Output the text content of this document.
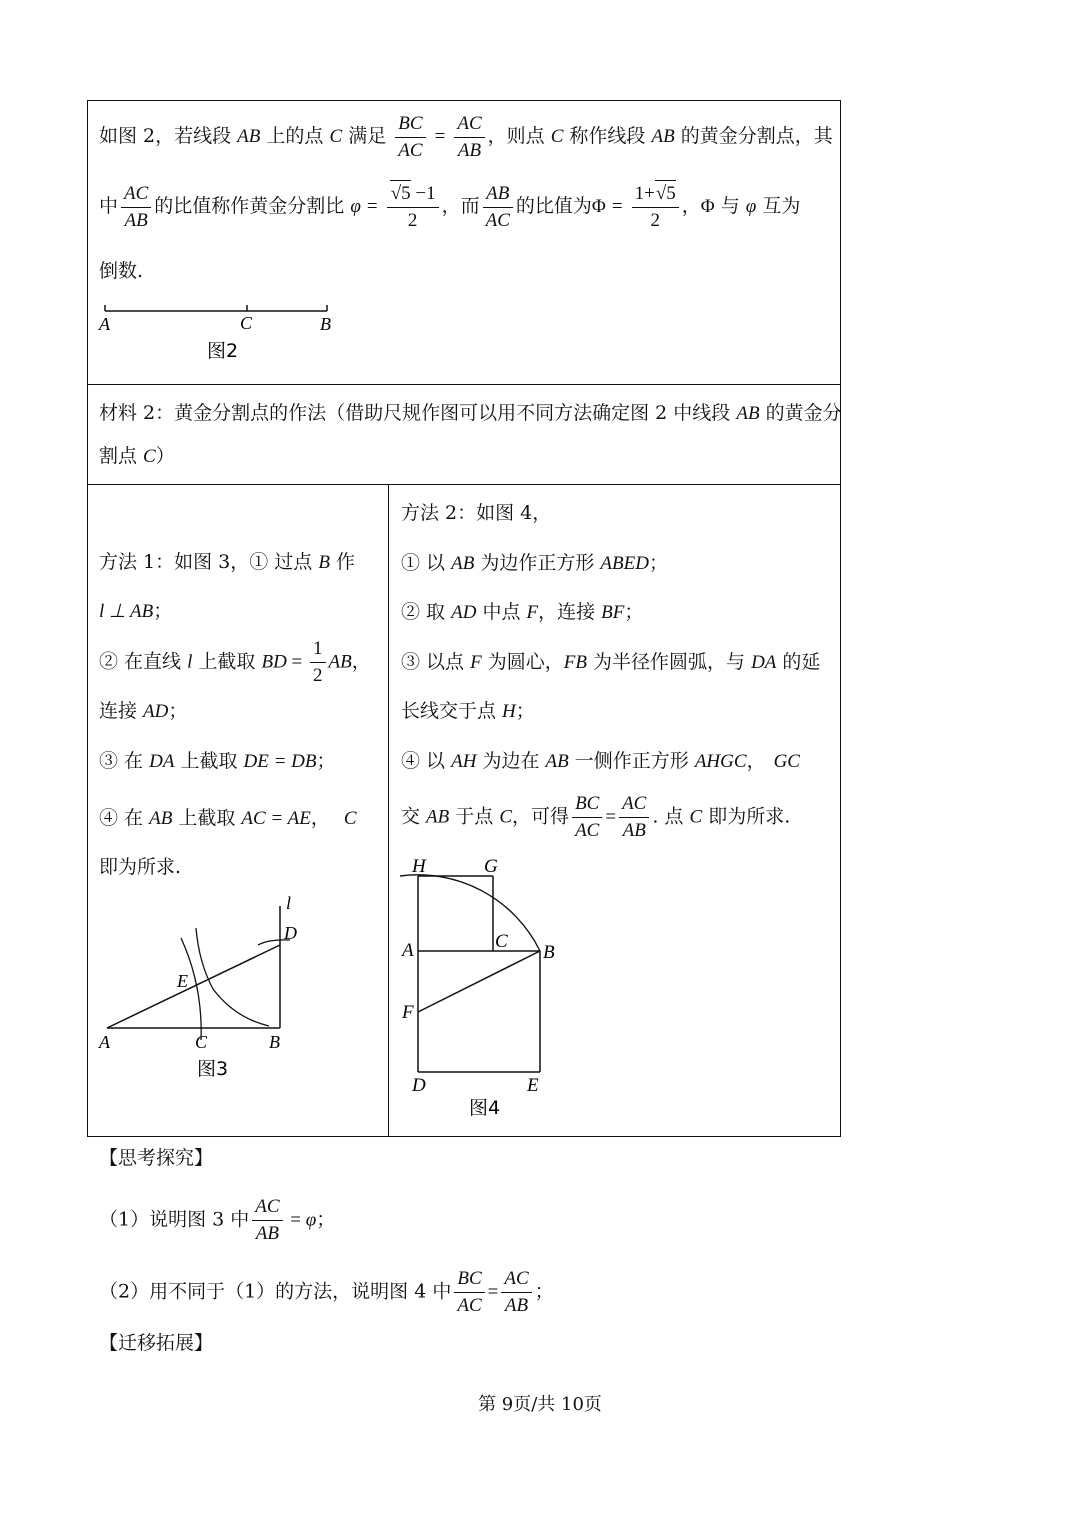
如图 2，若线段 AB 上的点 C 满足 $\frac{BC}{AC} = \frac{AC}{AB}$ ，则点 C 称作线段 AB 的黄金分割点，其
中 $\frac{AC}{AB}$ 的比值称作黄金分割比 $\varphi = \frac{√5 -1}{2}$ ，而 $\frac{AB}{AC}$ 的比值为$\Phi = \frac{1+√5}{2}$ ，Φ 与 φ 互为
倒数.
A	C	B
图2
材料 2：黄金分割点的作法（借助尺规作图可以用不同方法确定图 2 中线段 AB 的黄金分
割点 C）
方法 1：如图 3，① 过点 B 作
l ⊥ AB；
② 在直线 l 上截取 BD = $\frac{1}{2}$ AB，
连接 AD；
③ 在 DA 上截取 DE = DB；
④ 在 AB 上截取 AC = AE， C
即为所求.
l
D
E
A	C	B
图3
方法 2：如图 4，
① 以 AB 为边作正方形 ABED；
② 取 AD 中点 F，连接 BF；
③ 以点 F 为圆心，FB 为半径作圆弧，与 DA 的延
长线交于点 H；
④ 以 AH 为边在 AB 一侧作正方形 AHGC， GC
交 AB 于点 C，可得 $\frac{BC}{AC} = \frac{AC}{AB}$ . 点 C 即为所求.
H	G
A	C
B
F
D	E
图4
【思考探究】
（1）说明图 3 中 $\frac{AC}{AB} = \varphi$；
（2）用不同于（1）的方法，说明图 4 中 $\frac{BC}{AC} = \frac{AC}{AB}$ ；
【迁移拓展】
第 9页/共 10页
